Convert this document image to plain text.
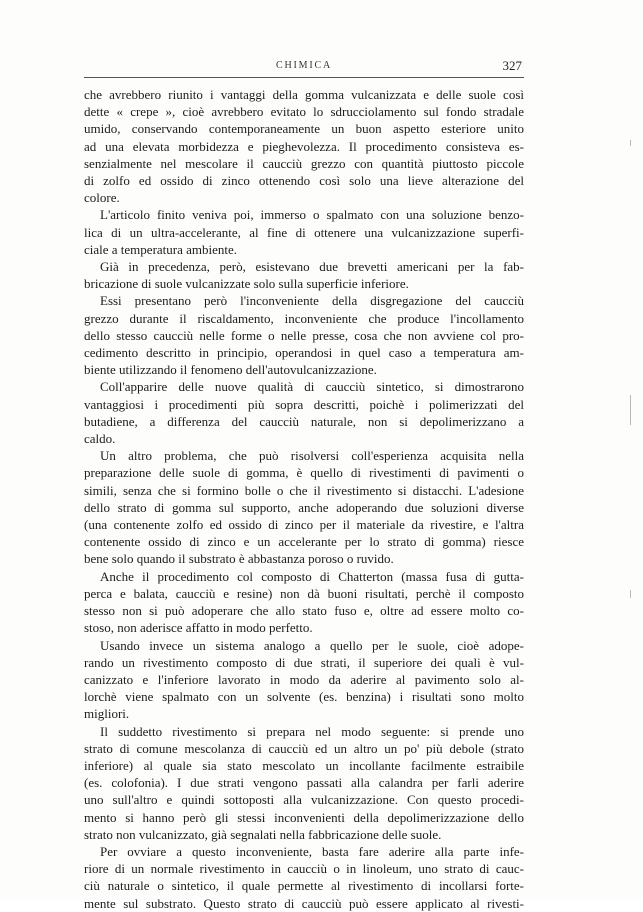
CHIMICA	327

che avrebbero riunito i vantaggi della gomma vulcanizzata e delle suole così
dette « crepe », cioè avrebbero evitato lo sdrucciolamento sul fondo stradale
umido, conservando contemporaneamente un buon aspetto esteriore unito
ad una elevata morbidezza e pieghevolezza. Il procedimento consisteva es-
senzialmente nel mescolare il caucciù grezzo con quantità piuttosto piccole
di zolfo ed ossido di zinco ottenendo così solo una lieve alterazione del
colore.

L'articolo finito veniva poi, immerso o spalmato con una soluzione benzo-
lica di un ultra-accelerante, al fine di ottenere una vulcanizzazione superfi-
ciale a temperatura ambiente.

Già in precedenza, però, esistevano due brevetti americani per la fab-
bricazione di suole vulcanizzate solo sulla superficie inferiore.

Essi presentano però l'inconveniente della disgregazione del caucciù
grezzo durante il riscaldamento, inconveniente che produce l'incollamento
dello stesso caucciù nelle forme o nelle presse, cosa che non avviene col pro-
cedimento descritto in principio, operandosi in quel caso a temperatura am-
biente utilizzando il fenomeno dell'autovulcanizzazione.

Coll'apparire delle nuove qualità di caucciù sintetico, si dimostrarono
vantaggiosi i procedimenti più sopra descritti, poichè i polimerizzati del
butadiene, a differenza del caucciù naturale, non si depolimerizzano a
caldo.

Un altro problema, che può risolversi coll'esperienza acquisita nella
preparazione delle suole di gomma, è quello di rivestimenti di pavimenti o
simili, senza che si formino bolle o che il rivestimento si distacchi. L'adesione
dello strato di gomma sul supporto, anche adoperando due soluzioni diverse
(una contenente zolfo ed ossido di zinco per il materiale da rivestire, e l'altra
contenente ossido di zinco e un accelerante per lo strato di gomma) riesce
bene solo quando il substrato è abbastanza poroso o ruvido.

Anche il procedimento col composto di Chatterton (massa fusa di gutta-
perca e balata, caucciù e resine) non dà buoni risultati, perchè il composto
stesso non si può adoperare che allo stato fuso e, oltre ad essere molto co-
stoso, non aderisce affatto in modo perfetto.

Usando invece un sistema analogo a quello per le suole, cioè adope-
rando un rivestimento composto di due strati, il superiore dei quali è vul-
canizzato e l'inferiore lavorato in modo da aderire al pavimento solo al-
lorchè viene spalmato con un solvente (es. benzina) i risultati sono molto
migliori.

Il suddetto rivestimento si prepara nel modo seguente: si prende uno
strato di comune mescolanza di caucciù ed un altro un po' più debole (strato
inferiore) al quale sia stato mescolato un incollante facilmente estraibile
(es. colofonia). I due strati vengono passati alla calandra per farli aderire
uno sull'altro e quindi sottoposti alla vulcanizzazione. Con questo procedi-
mento si hanno però gli stessi inconvenienti della depolimerizzazione dello
strato non vulcanizzato, già segnalati nella fabbricazione delle suole.

Per ovviare a questo inconveniente, basta fare aderire alla parte infe-
riore di un normale rivestimento in caucciù o in linoleum, uno strato di cauc-
ciù naturale o sintetico, il quale permette al rivestimento di incollarsi forte-
mente sul substrato. Questo strato di caucciù può essere applicato al rivesti-
